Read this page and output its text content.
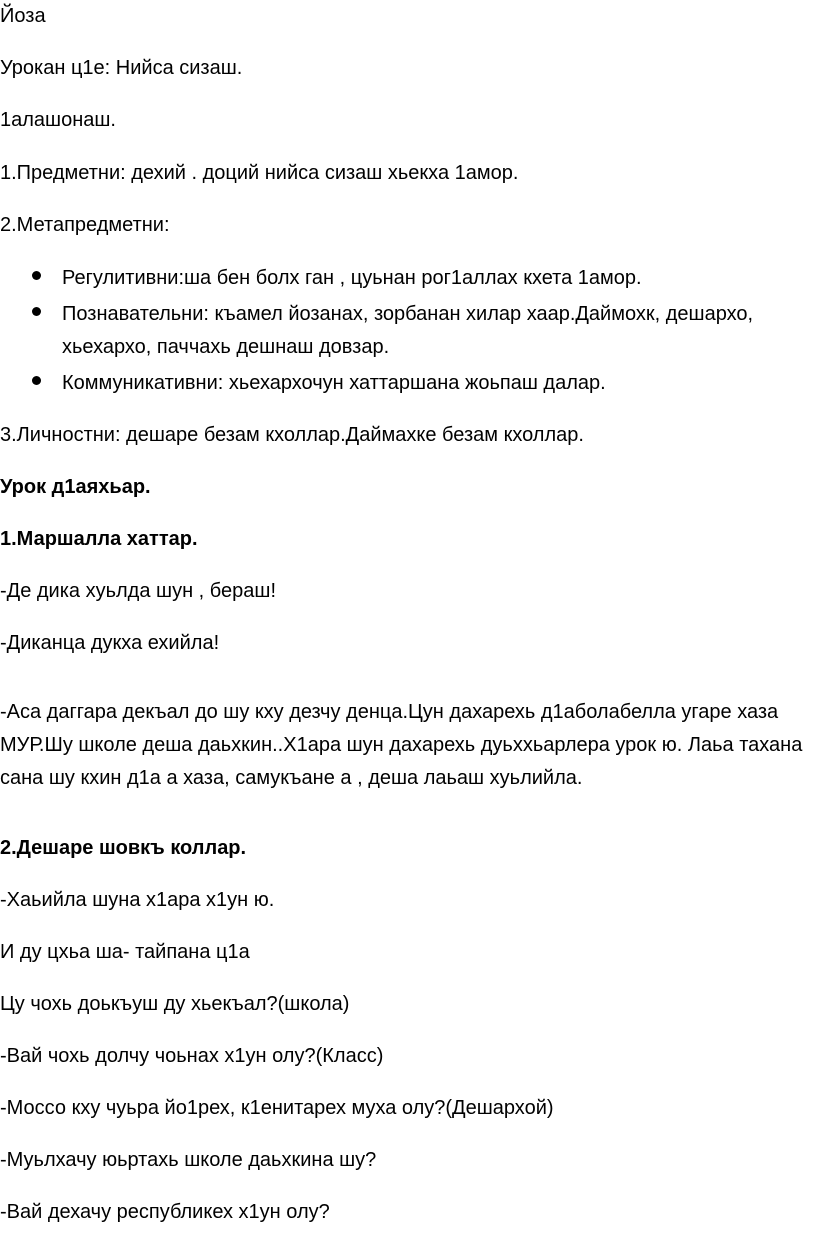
Йоза

Урокан ц1е: Нийса сизаш.

1алашонаш.

1.Предметни: дехий . доций нийса сизаш хьекха 1амор.

2.Метапредметни:

Регулитивни:ша бен болх ган , цуьнан рог1аллах кхета 1амор.
Познавательни: къамел йозанах, зорбанан хилар хаар.Даймохк, дешархо, хьехархо, паччахь дешнаш довзар.
Коммуникативни: хьехархочун хаттаршана жоьпаш далар.

3.Личностни: дешаре безам кхоллар.Даймахке безам кхоллар.

Урок д1аяхьар.

1.Маршалла хаттар.

-Де дика хуьлда шун , бераш!

-Диканца дукха ехийла!

-Аса даггара декъал до шу кху дезчу денца.Цун дахарехь д1аболабелла угаре хаза МУР.Шу школе деша даьхкин..Х1ара шун дахарехь дуьххьарлера урок ю. Лаьа тахана сана шу кхин д1а а хаза, самукъане а , деша лаьаш хуьлийла.

2.Дешаре шовкъ коллар.

-Хаьийла шуна х1ара х1ун ю.

И ду цхьа ша- тайпана ц1а

Цу чохь доькъуш ду хьекъал?(школа)

-Вай чохь долчу чоьнах х1ун олу?(Класс)

-Моссо кху чуьра йо1рех, к1енитарех муха олу?(Дешархой)

-Муьлхачу юьртахь школе даьхкина шу?

-Вай дехачу республикех х1ун олу?
